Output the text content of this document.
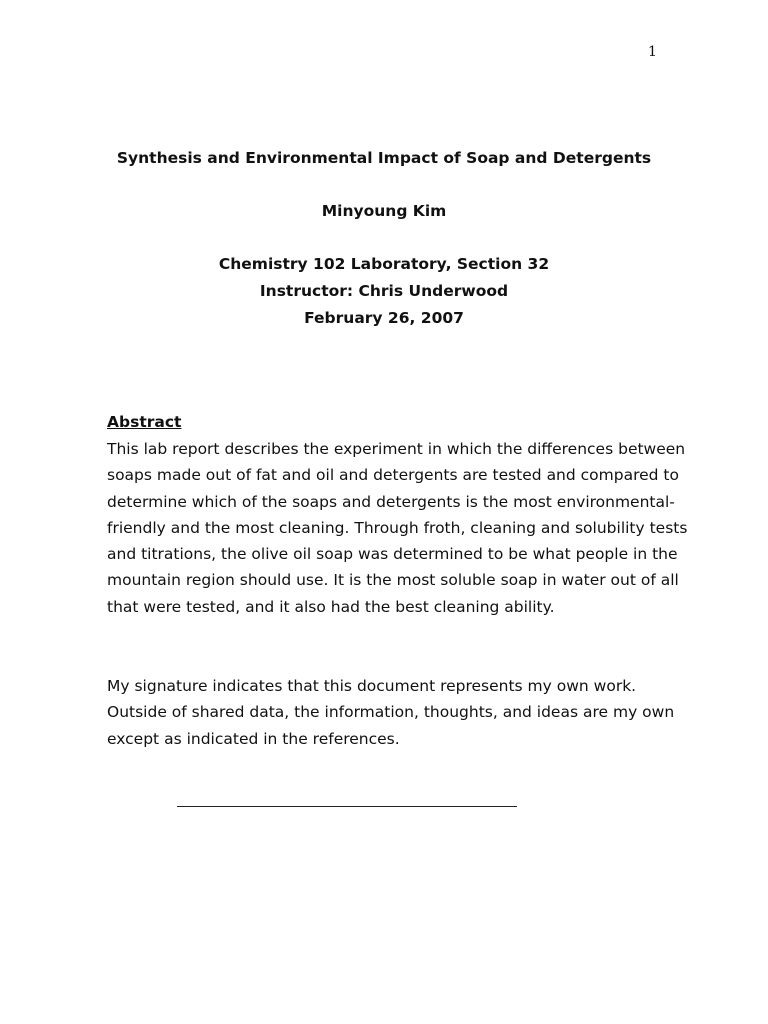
1
Synthesis and Environmental Impact of Soap and Detergents
Minyoung Kim
Chemistry 102 Laboratory, Section 32
Instructor: Chris Underwood
February 26, 2007
Abstract
This lab report describes the experiment in which the differences between
soaps made out of fat and oil and detergents are tested and compared to
determine which of the soaps and detergents is the most environmental-
friendly and the most cleaning. Through froth, cleaning and solubility tests
and titrations, the olive oil soap was determined to be what people in the
mountain region should use. It is the most soluble soap in water out of all
that were tested, and it also had the best cleaning ability.
My signature indicates that this document represents my own work.
Outside of shared data, the information, thoughts, and ideas are my own
except as indicated in the references.
